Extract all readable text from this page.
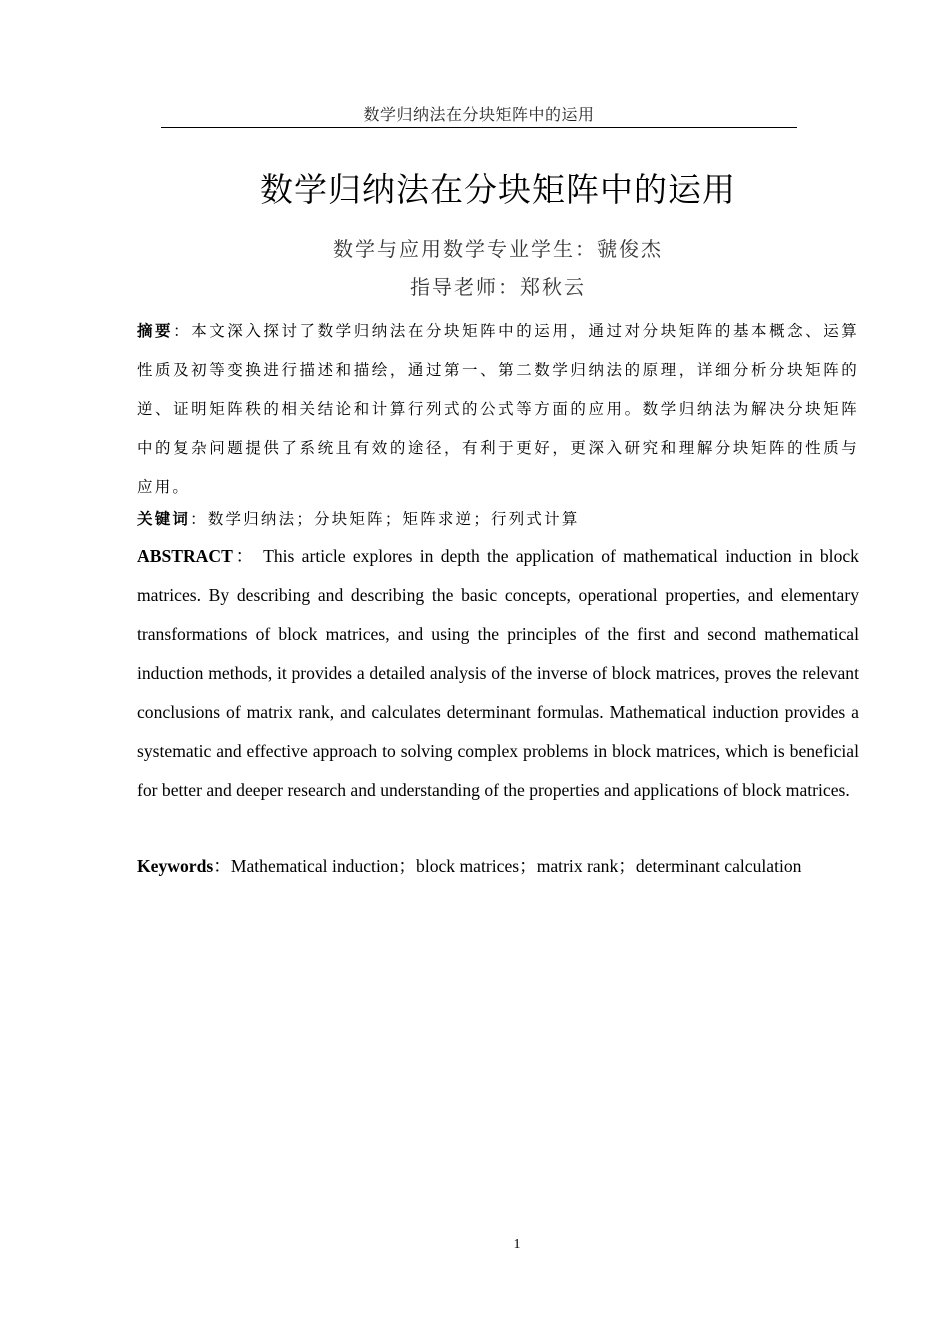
数学归纳法在分块矩阵中的运用
数学归纳法在分块矩阵中的运用
数学与应用数学专业学生：虢俊杰
指导老师：郑秋云
摘要：本文深入探讨了数学归纳法在分块矩阵中的运用，通过对分块矩阵的基本概念、运算性质及初等变换进行描述和描绘，通过第一、第二数学归纳法的原理，详细分析分块矩阵的逆、证明矩阵秩的相关结论和计算行列式的公式等方面的应用。数学归纳法为解决分块矩阵中的复杂问题提供了系统且有效的途径，有利于更好，更深入研究和理解分块矩阵的性质与应用。
关键词：数学归纳法；分块矩阵；矩阵求逆；行列式计算
ABSTRACT： This article explores in depth the application of mathematical induction in block matrices. By describing and describing the basic concepts, operational properties, and elementary transformations of block matrices, and using the principles of the first and second mathematical induction methods, it provides a detailed analysis of the inverse of block matrices, proves the relevant conclusions of matrix rank, and calculates determinant formulas. Mathematical induction provides a systematic and effective approach to solving complex problems in block matrices, which is beneficial for better and deeper research and understanding of the properties and applications of block matrices.
Keywords：Mathematical induction；block matrices；matrix rank；determinant calculation
1
